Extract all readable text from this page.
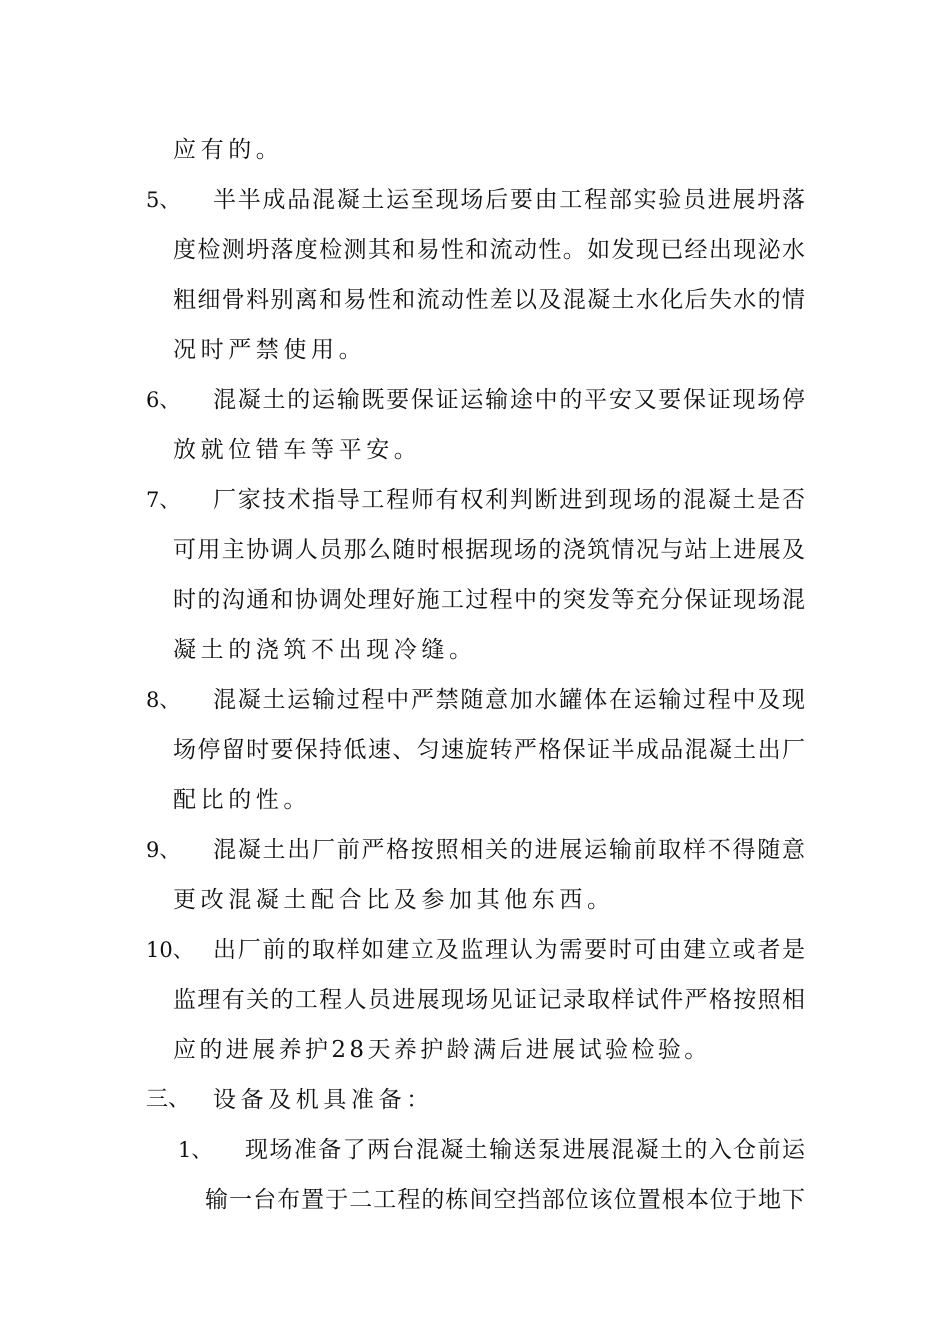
应有的。
5、 半半成品混凝土运至现场后要由工程部实验员进展坍落
度检测坍落度检测其和易性和流动性。如发现已经出现泌水
粗细骨料别离和易性和流动性差以及混凝土水化后失水的情
况时严禁使用。
6、 混凝土的运输既要保证运输途中的平安又要保证现场停
放就位错车等平安。
7、 厂家技术指导工程师有权利判断进到现场的混凝土是否
可用主协调人员那么随时根据现场的浇筑情况与站上进展及
时的沟通和协调处理好施工过程中的突发等充分保证现场混
凝土的浇筑不出现冷缝。
8、 混凝土运输过程中严禁随意加水罐体在运输过程中及现
场停留时要保持低速、匀速旋转严格保证半成品混凝土出厂
配比的性。
9、 混凝土出厂前严格按照相关的进展运输前取样不得随意
更改混凝土配合比及参加其他东西。
10、 出厂前的取样如建立及监理认为需要时可由建立或者是
监理有关的工程人员进展现场见证记录取样试件严格按照相
应的进展养护28天养护龄满后进展试验检验。
三、 设备及机具准备：
1、 现场准备了两台混凝土输送泵进展混凝土的入仓前运
输一台布置于二工程的栋间空挡部位该位置根本位于地下
